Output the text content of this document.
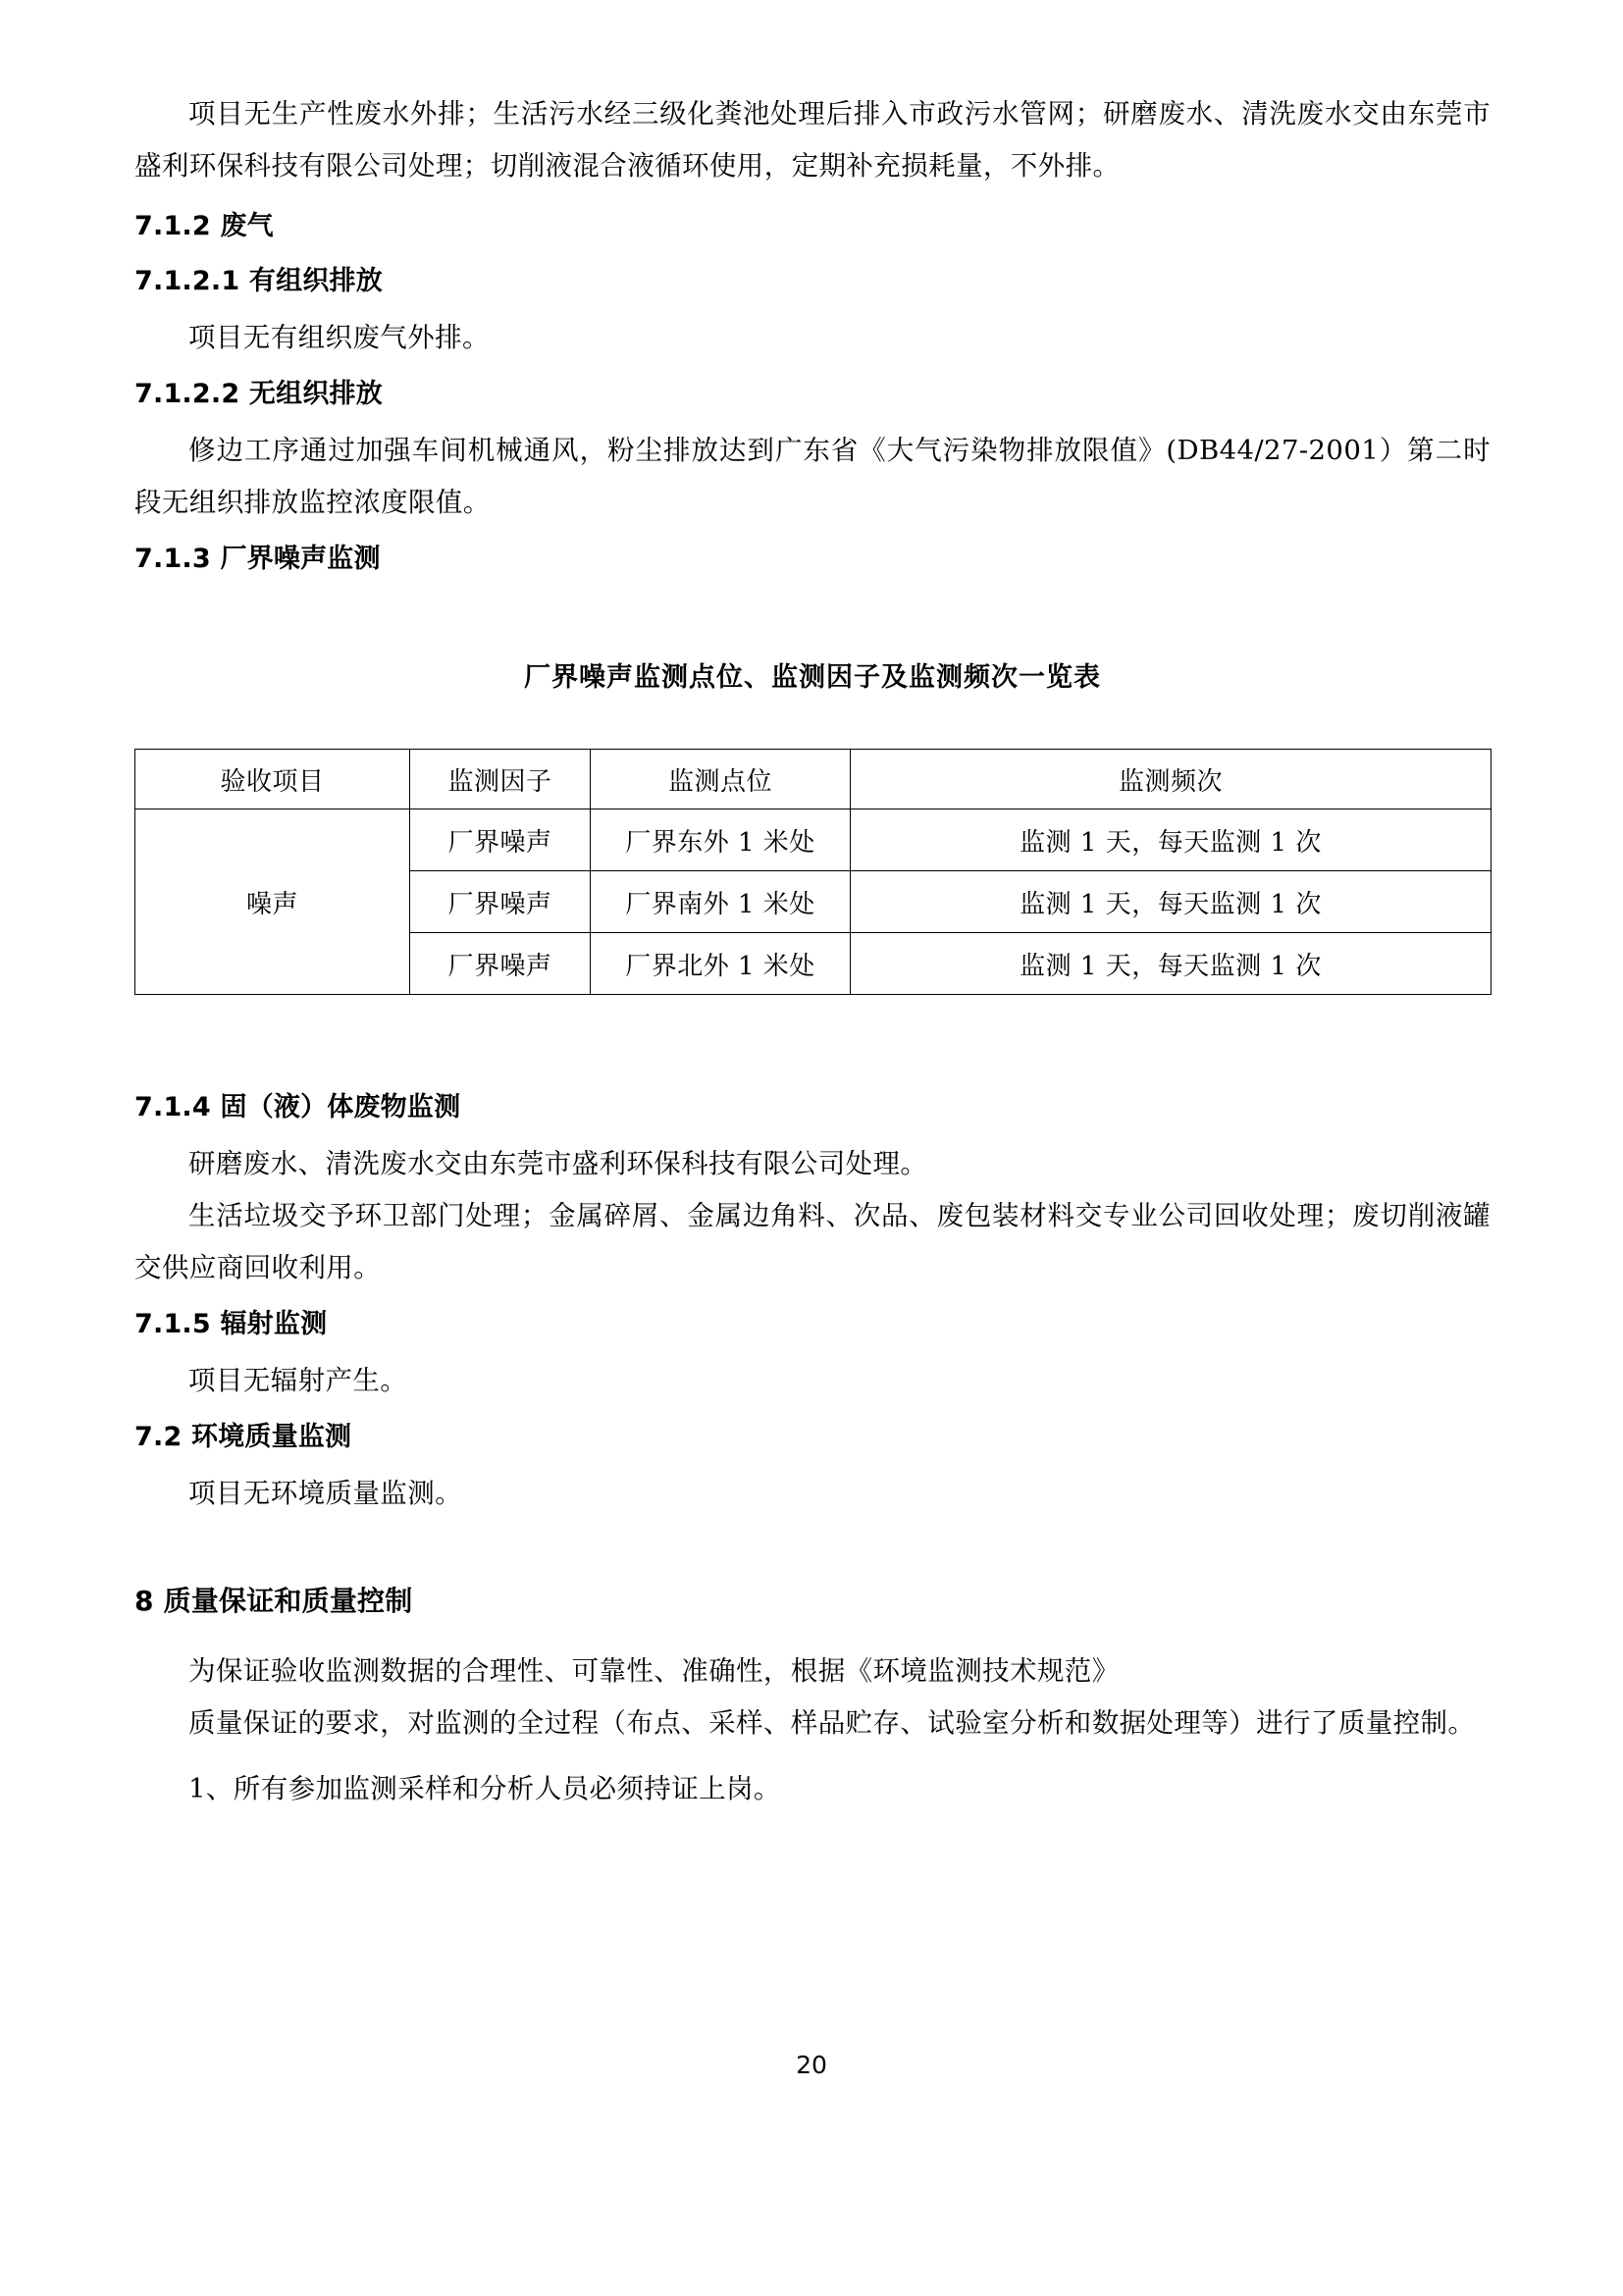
项目无生产性废水外排；生活污水经三级化粪池处理后排入市政污水管网；研磨废水、清洗废水交由东莞市盛利环保科技有限公司处理；切削液混合液循环使用，定期补充损耗量，不外排。

7.1.2 废气
7.1.2.1 有组织排放

项目无有组织废气外排。

7.1.2.2 无组织排放

修边工序通过加强车间机械通风，粉尘排放达到广东省《大气污染物排放限值》(DB44/27-2001）第二时段无组织排放监控浓度限值。

7.1.3 厂界噪声监测

厂界噪声监测点位、监测因子及监测频次一览表

验收项目	监测因子	监测点位	监测频次
噪声	厂界噪声	厂界东外 1 米处	监测 1 天，每天监测 1 次
	厂界噪声	厂界南外 1 米处	监测 1 天，每天监测 1 次
	厂界噪声	厂界北外 1 米处	监测 1 天，每天监测 1 次
7.1.4 固（液）体废物监测

研磨废水、清洗废水交由东莞市盛利环保科技有限公司处理。

生活垃圾交予环卫部门处理；金属碎屑、金属边角料、次品、废包装材料交专业公司回收处理；废切削液罐交供应商回收利用。

7.1.5 辐射监测

项目无辐射产生。

7.2 环境质量监测

项目无环境质量监测。

8 质量保证和质量控制

为保证验收监测数据的合理性、可靠性、准确性，根据《环境监测技术规范》

质量保证的要求，对监测的全过程（布点、采样、样品贮存、试验室分析和数据处理等）进行了质量控制。

1、所有参加监测采样和分析人员必须持证上岗。

20
